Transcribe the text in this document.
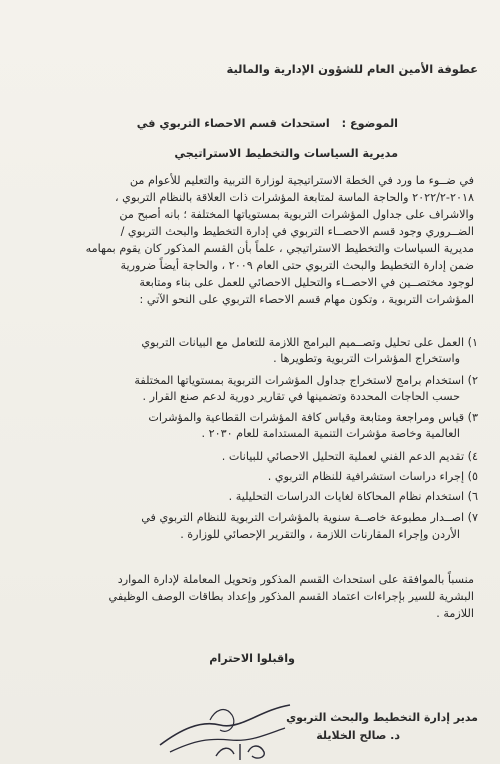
عطوفة الأمين العام للشؤون الإدارية والمالية
الموضوع : استحداث قسم الاحصاء التربوي في
مديرية السياسات والتخطيط الاستراتيجي
في ضــوء ما ورد في الخطة الاستراتيجية لوزارة التربية والتعليم للأعوام من
٢٠١٨-٢٠٢٢/٢ والحاجة الماسة لمتابعة المؤشرات ذات العلاقة بالنظام التربوي ،
والاشراف على جداول المؤشرات التربوية بمستوياتها المختلفة ؛ بانه أصبح من
الضــروري وجود قسم الاحصــاء التربوي في إدارة التخطيط والبحث التربوي /
مديرية السياسات والتخطيط الاستراتيجي ، علماً بأن القسم المذكور كان يقوم بمهامه
ضمن إدارة التخطيط والبحث التربوي حتى العام ٢٠٠٩ ، والحاجة أيضاً ضرورية
لوجود مختصــين في الاحصــاء والتحليل الاحصائي للعمل على بناء ومتابعة
المؤشرات التربوية ، وتكون مهام قسم الاحصاء التربوي على النحو الآتي :
١) العمل على تحليل وتصــميم البرامج اللازمة للتعامل مع البيانات التربوي
واستخراج المؤشرات التربوية وتطويرها .
٢) استخدام برامج لاستخراج جداول المؤشرات التربوية بمستوياتها المختلفة
حسب الحاجات المحددة وتضمينها في تقارير دورية لدعم صنع القرار .
٣) قياس ومراجعة ومتابعة وقياس كافة المؤشرات القطاعية والمؤشرات
العالمية وخاصة مؤشرات التنمية المستدامة للعام ٢٠٣٠ .
٤) تقديم الدعم الفني لعملية التحليل الاحصائي للبيانات .
٥) إجراء دراسات استشرافية للنظام التربوي .
٦) استخدام نظام المحاكاة لغايات الدراسات التحليلية .
٧) اصــدار مطبوعة خاصــة سنوية بالمؤشرات التربوية للنظام التربوي في
الأردن وإجراء المقارنات اللازمة ، والتقرير الإحصائي للوزارة .
منسباً بالموافقة على استحداث القسم المذكور وتحويل المعاملة لإدارة الموارد
البشرية للسير بإجراءات اعتماد القسم المذكور وإعداد بطاقات الوصف الوظيفي
اللازمة .
واقبلوا الاحترام
مدير إدارة التخطيط والبحث التربوي
د. صالح الخلايلة
